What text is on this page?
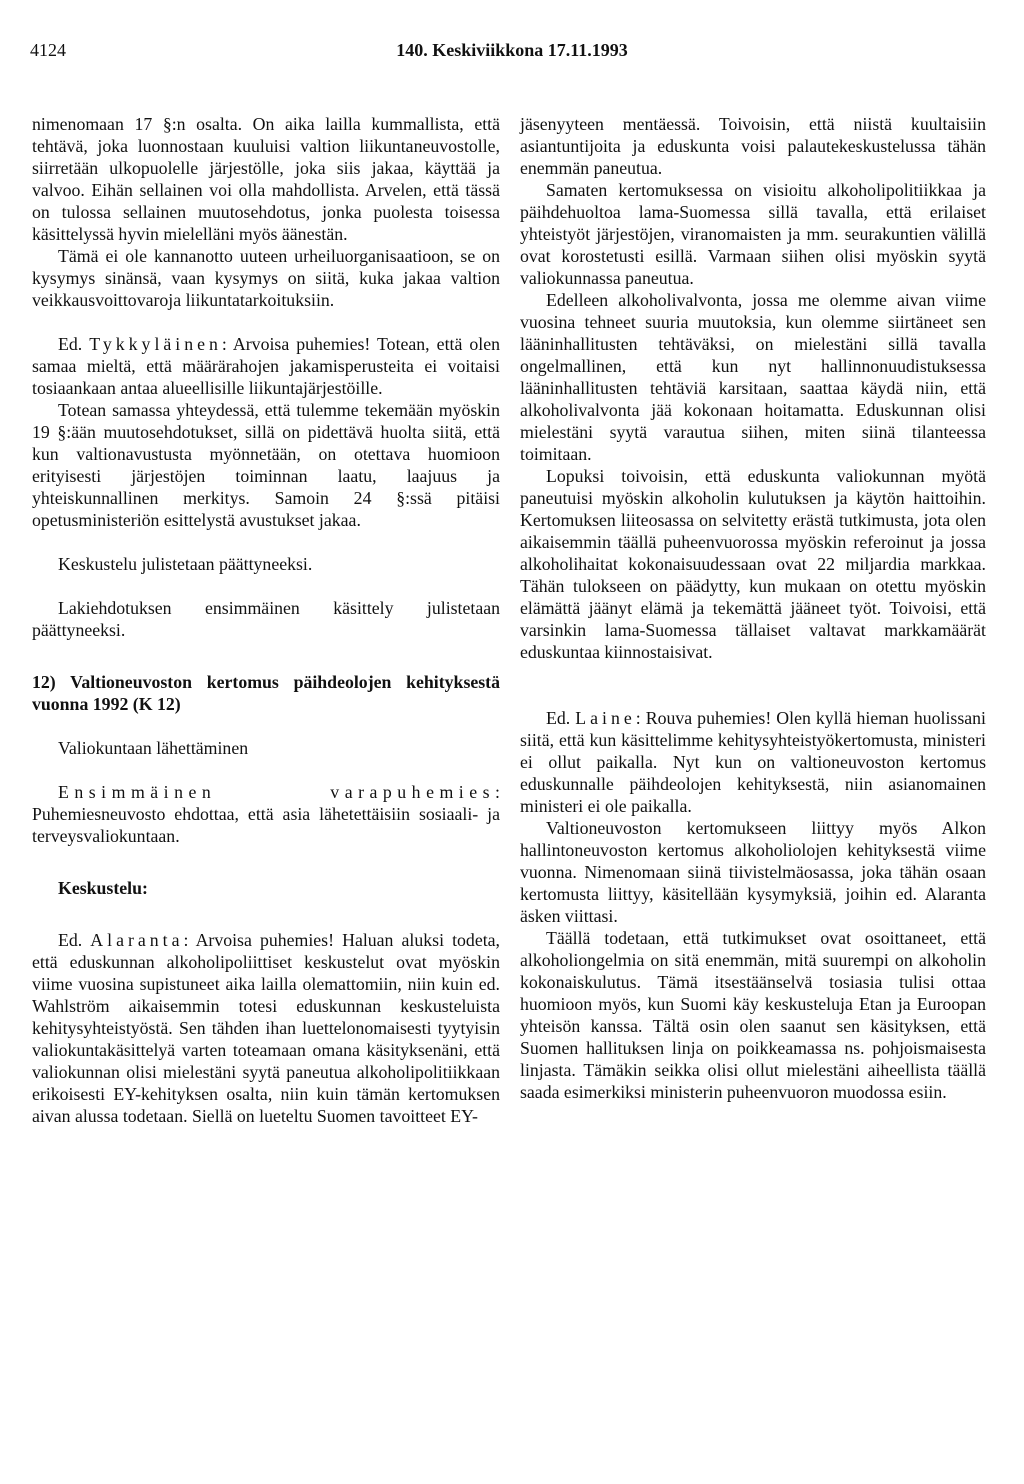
4124	140. Keskiviikkona 17.11.1993

nimenomaan 17 §:n osalta. On aika lailla kummallista, että tehtävä, joka luonnostaan kuuluisi valtion liikuntaneuvostolle, siirretään ulkopuolelle järjestölle, joka siis jakaa, käyttää ja valvoo. Eihän sellainen voi olla mahdollista. Arvelen, että tässä on tulossa sellainen muutosehdotus, jonka puolesta toisessa käsittelyssä hyvin mielelläni myös äänestän.

Tämä ei ole kannanotto uuteen urheiluorganisaatioon, se on kysymys sinänsä, vaan kysymys on siitä, kuka jakaa valtion veikkausvoittovaroja liikuntatarkoituksiin.

Ed. Tykkyläinen: Arvoisa puhemies! Totean, että olen samaa mieltä, että määrärahojen jakamisperusteita ei voitaisi tosiaankaan antaa alueellisille liikuntajärjestöille.

Totean samassa yhteydessä, että tulemme tekemään myöskin 19 §:ään muutosehdotukset, sillä on pidettävä huolta siitä, että kun valtionavustusta myönnetään, on otettava huomioon erityisesti järjestöjen toiminnan laatu, laajuus ja yhteiskunnallinen merkitys. Samoin 24 §:ssä pitäisi opetusministeriön esittelystä avustukset jakaa.

Keskustelu julistetaan päättyneeksi.

Lakiehdotuksen ensimmäinen käsittely julistetaan päättyneeksi.

12) Valtioneuvoston kertomus päihdeolojen kehityksestä vuonna 1992 (K 12)

Valiokuntaan lähettäminen

Ensimmäinen varapuhemies: Puhemiesneuvosto ehdottaa, että asia lähetettäisiin sosiaali- ja terveysvaliokuntaan.

Keskustelu:

Ed. Alaranta: Arvoisa puhemies! Haluan aluksi todeta, että eduskunnan alkoholipoliittiset keskustelut ovat myöskin viime vuosina supistuneet aika lailla olemattomiin, niin kuin ed. Wahlström aikaisemmin totesi eduskunnan keskusteluista kehitysyhteistyöstä. Sen tähden ihan luettelonomaisesti tyytyisin valiokuntakäsittelyä varten toteamaan omana käsityksenäni, että valiokunnan olisi mielestäni syytä paneutua alkoholipolitiikkaan erikoisesti EY-kehityksen osalta, niin kuin tämän kertomuksen aivan alussa todetaan. Siellä on lueteltu Suomen tavoitteet EY-

jäsenyyteen mentäessä. Toivoisin, että niistä kuultaisiin asiantuntijoita ja eduskunta voisi palautekeskustelussa tähän enemmän paneutua.

Samaten kertomuksessa on visioitu alkoholipolitiikkaa ja päihdehuoltoa lama-Suomessa sillä tavalla, että erilaiset yhteistyöt järjestöjen, viranomaisten ja mm. seurakuntien välillä ovat korostetusti esillä. Varmaan siihen olisi myöskin syytä valiokunnassa paneutua.

Edelleen alkoholivalvonta, jossa me olemme aivan viime vuosina tehneet suuria muutoksia, kun olemme siirtäneet sen lääninhallitusten tehtäväksi, on mielestäni sillä tavalla ongelmallinen, että kun nyt hallinnonuudistuksessa lääninhallitusten tehtäviä karsitaan, saattaa käydä niin, että alkoholivalvonta jää kokonaan hoitamatta. Eduskunnan olisi mielestäni syytä varautua siihen, miten siinä tilanteessa toimitaan.

Lopuksi toivoisin, että eduskunta valiokunnan myötä paneutuisi myöskin alkoholin kulutuksen ja käytön haittoihin. Kertomuksen liiteosassa on selvitetty erästä tutkimusta, jota olen aikaisemmin täällä puheenvuorossa myöskin referoinut ja jossa alkoholihaitat kokonaisuudessaan ovat 22 miljardia markkaa. Tähän tulokseen on päädytty, kun mukaan on otettu myöskin elämättä jäänyt elämä ja tekemättä jääneet työt. Toivoisi, että varsinkin lama-Suomessa tällaiset valtavat markkamäärät eduskuntaa kiinnostaisivat.

Ed. Laine: Rouva puhemies! Olen kyllä hieman huolissani siitä, että kun käsittelimme kehitysyhteistyökertomusta, ministeri ei ollut paikalla. Nyt kun on valtioneuvoston kertomus eduskunnalle päihdeolojen kehityksestä, niin asianomainen ministeri ei ole paikalla.

Valtioneuvoston kertomukseen liittyy myös Alkon hallintoneuvoston kertomus alkoholiolojen kehityksestä viime vuonna. Nimenomaan siinä tiivistelmäosassa, joka tähän osaan kertomusta liittyy, käsitellään kysymyksiä, joihin ed. Alaranta äsken viittasi.

Täällä todetaan, että tutkimukset ovat osoittaneet, että alkoholiongelmia on sitä enemmän, mitä suurempi on alkoholin kokonaiskulutus. Tämä itsestäänselvä tosiasia tulisi ottaa huomioon myös, kun Suomi käy keskusteluja Etan ja Euroopan yhteisön kanssa. Tältä osin olen saanut sen käsityksen, että Suomen hallituksen linja on poikkeamassa ns. pohjoismaisesta linjasta. Tämäkin seikka olisi ollut mielestäni aiheellista täällä saada esimerkiksi ministerin puheenvuoron muodossa esiin.
